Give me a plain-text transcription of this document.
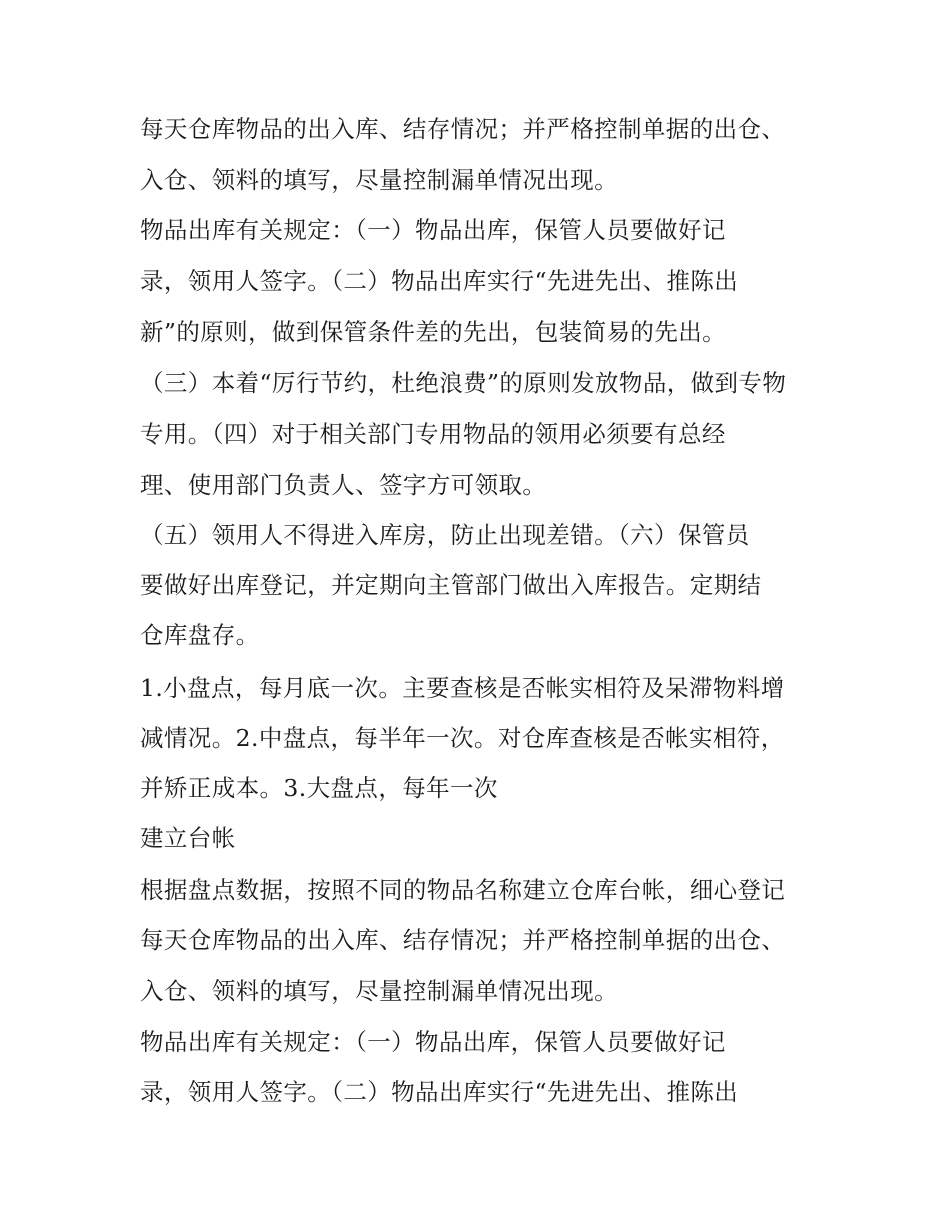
每天仓库物品的出入库、结存情况；并严格控制单据的出仓、
入仓、领料的填写，尽量控制漏单情况出现。
物品出库有关规定：（一）物品出库，保管人员要做好记
录，领用人签字。（二）物品出库实行“先进先出、推陈出
新”的原则，做到保管条件差的先出，包装简易的先出。
（三）本着“厉行节约，杜绝浪费”的原则发放物品，做到专物
专用。（四）对于相关部门专用物品的领用必须要有总经
理、使用部门负责人、签字方可领取。
（五）领用人不得进入库房，防止出现差错。（六）保管员
要做好出库登记，并定期向主管部门做出入库报告。定期结
仓库盘存。
1.小盘点，每月底一次。主要查核是否帐实相符及呆滞物料增
减情况。2.中盘点，每半年一次。对仓库查核是否帐实相符，
并矫正成本。3.大盘点，每年一次
建立台帐
根据盘点数据，按照不同的物品名称建立仓库台帐，细心登记
每天仓库物品的出入库、结存情况；并严格控制单据的出仓、
入仓、领料的填写，尽量控制漏单情况出现。
物品出库有关规定：（一）物品出库，保管人员要做好记
录，领用人签字。（二）物品出库实行“先进先出、推陈出
